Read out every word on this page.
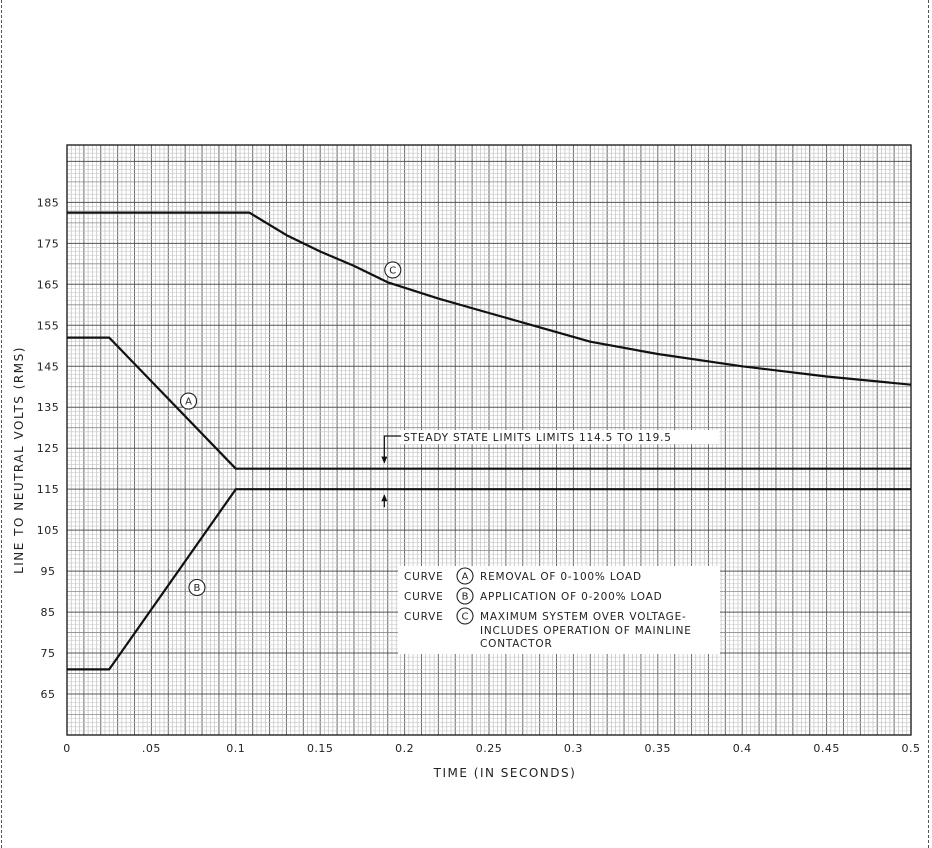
0	.05	0.1	0.15	0.2	0.25	0.3	0.35	0.4	0.45	0.5
185
175
165
155
145
135
125
115
105
95
85
75
65
TIME (IN SECONDS)
LINE TO NEUTRAL VOLTS (RMS)	A
B
C
STEADY STATE LIMITS LIMITS 114.5 TO 119.5
CURVE A REMOVAL OF 0-100% LOAD
CURVE B APPLICATION OF 0-200% LOAD
CURVE C MAXIMUM SYSTEM OVER VOLTAGE-
INCLUDES OPERATION OF MAINLINE
CONTACTOR
